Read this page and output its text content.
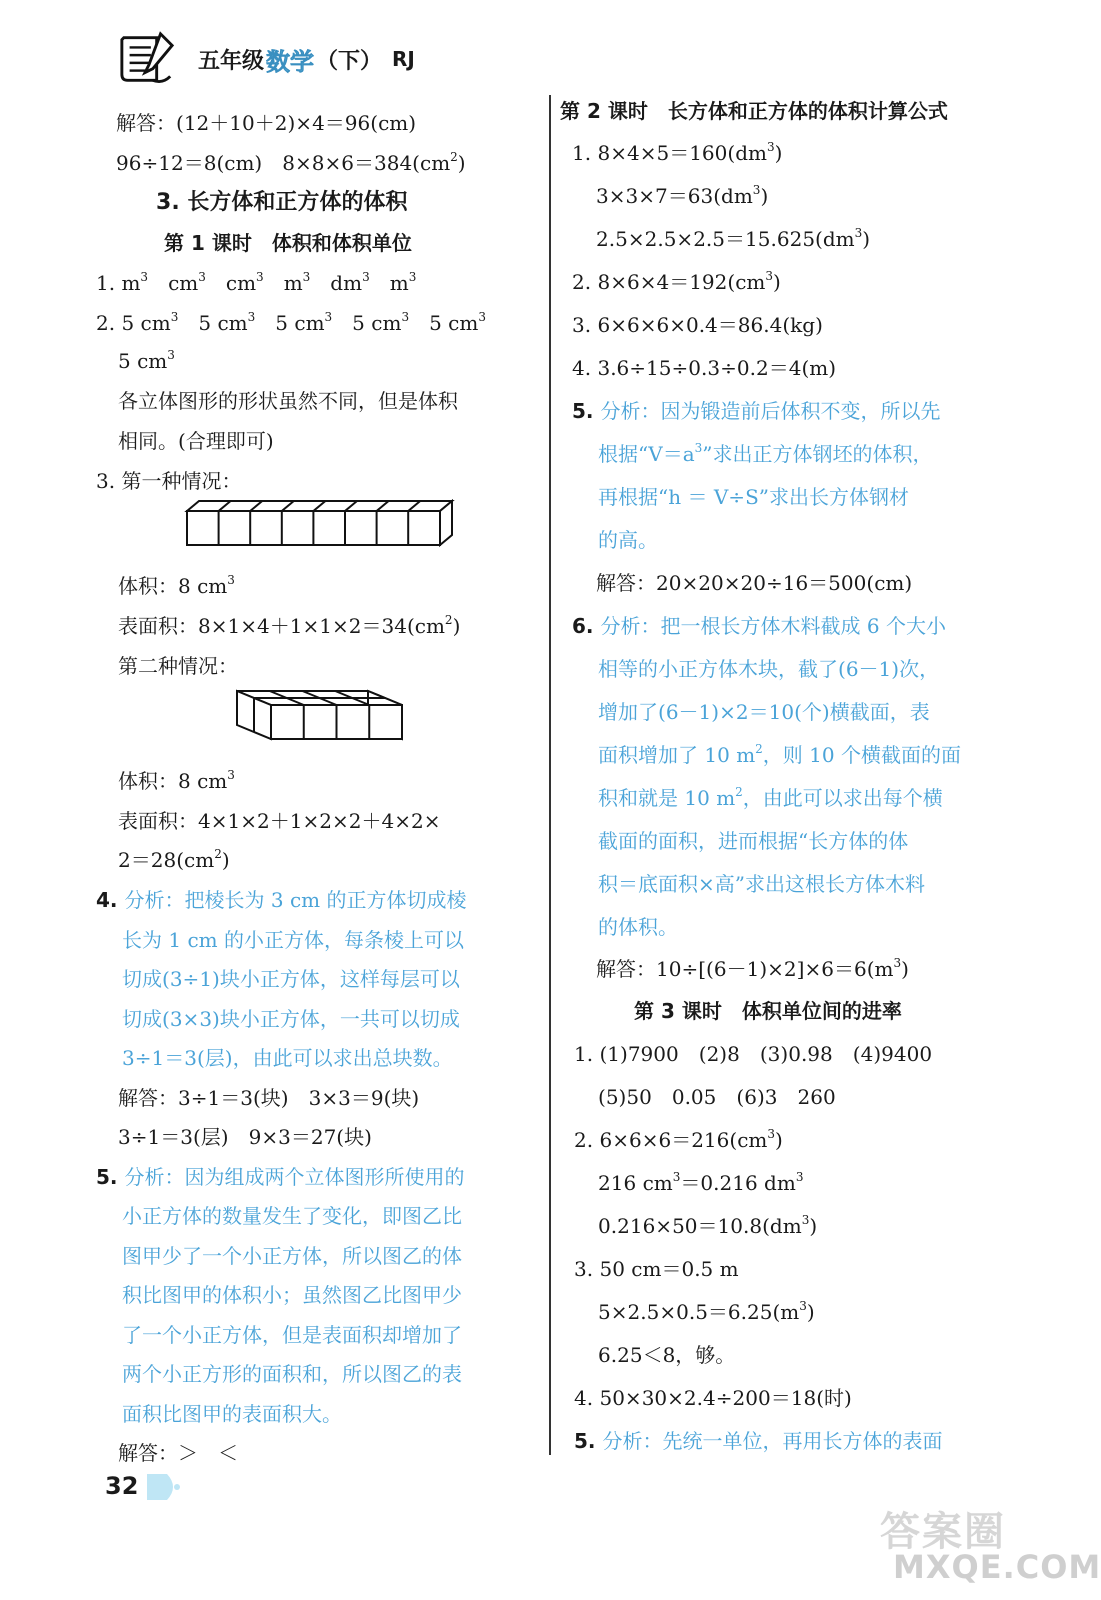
五年级 数学 （下） RJ
解答：(12＋10＋2)×4＝96(cm)
96÷12＝8(cm)　 $8\times 8\times 6=384(cm^2)$
3. 长方体和正方体的体积
第 1 课时　 体积和体积单位
1. $m^3$　 $cm^3$　 $cm^3$　 $m^3$　 $dm^3$　 $m^3$
2. 5 $cm^3$　 5 $cm^3$　 5 $cm^3$　 5 $cm^3$　 5 $cm^3$
5 $cm^3$
各立体图形的形状虽然不同，但是体积
相同。(合理即可)
3. 第一种情况：
体积：8 $cm^3$
表面积：$8\times 1\times 4+1\times 1\times 2=34(cm^2)$
第二种情况：
体积：8 $cm^3$
表面积：4×1×2＋1×2×2＋4×2×
$2=28(cm^2)$
4. 分析：把棱长为 3 cm 的正方体切成棱
长为 1 cm 的小正方体，每条棱上可以
切成(3÷1)块小正方体，这样每层可以
切成(3×3)块小正方体，一共可以切成
3÷1＝3(层)，由此可以求出总块数。
解答：3÷1＝3(块)　 3×3＝9(块)
3÷1＝3(层)　 9×3＝27(块)
5. 分析：因为组成两个立体图形所使用的
小正方体的数量发生了变化，即图乙比
图甲少了一个小正方体，所以图乙的体
积比图甲的体积小；虽然图乙比图甲少
了一个小正方体，但是表面积却增加了
两个小正方形的面积和，所以图乙的表
面积比图甲的表面积大。
解答：＞　 ＜
第 2 课时　 长方体和正方体的体积计算公式
1. $8\times 4\times 5=160(dm^3)$
$3\times 3\times 7=63(dm^3)$
$2.5\times 2.5\times 2.5=15.625(dm^3)$
2. $8\times 6\times 4=192(cm^3)$
3. 6×6×6×0.4＝86.4(kg)
4. 3.6÷15÷0.3÷0.2＝4(m)
5. 分析：因为锻造前后体积不变，所以先
根据“$V=a^3$”求出正方体钢坯的体积，
再根据“h ＝ V÷S”求出长方体钢材
的高。
解答：20×20×20÷16＝500(cm)
6. 分析：把一根长方体木料截成 6 个大小
相等的小正方体木块，截了(6－1)次，
增加了(6－1)×2＝10(个)横截面，表
面积增加了 10 $m^2$，则 10 个横截面的面
积和就是 10 $m^2$，由此可以求出每个横
截面的面积，进而根据“长方体的体
积＝底面积×高”求出这根长方体木料
的体积。
解答：$10\div[(6-1)\times 2]\times 6=6(m^3)$
第 3 课时　 体积单位间的进率
1. (1)7900　 (2)8　 (3)0.98　 (4)9400
(5)50　 0.05　 (6)3　 260
2. $6\times 6\times 6=216(cm^3)$
216 $cm^3=0.216$ $dm^3$
$0.216\times 50=10.8(dm^3)$
3. 50 cm＝0.5 m
$5\times 2.5\times 0.5=6.25(m^3)$
6.25＜8，够。
4. 50×30×2.4÷200＝18(时)
5. 分析：先统一单位，再用长方体的表面
32
答案圈
MXQE.COM
